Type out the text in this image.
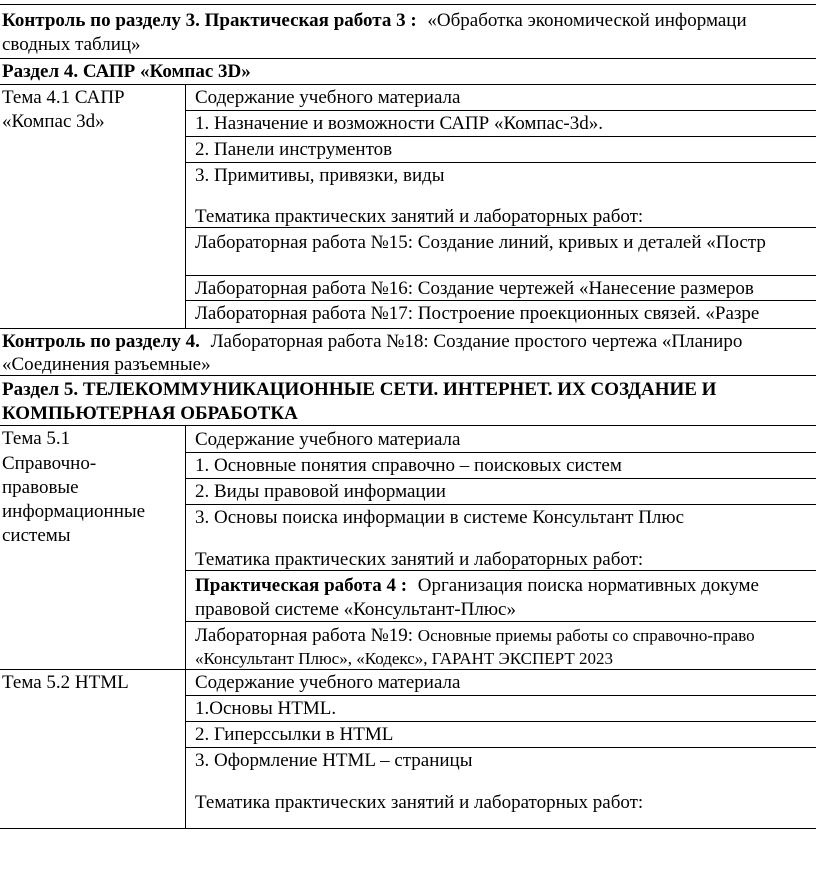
Контроль по разделу 3. Практическая работа 3 : «Обработка экономической информаци
сводных таблиц»
Раздел 4. САПР «Компас 3D»
Тема 4.1 САПР
«Компас 3d»
Содержание учебного материала
1. Назначение и возможности САПР «Компас-3d».
2. Панели инструментов
3. Примитивы, привязки, виды
Тематика практических занятий и лабораторных работ:
Лабораторная работа №15: Создание линий, кривых и деталей «Постр
Лабораторная работа №16: Создание чертежей «Нанесение размеров
Лабораторная работа №17: Построение проекционных связей. «Разре
Контроль по разделу 4. Лабораторная работа №18: Создание простого чертежа «Планиро
«Соединения разъемные»
Раздел 5. ТЕЛЕКОММУНИКАЦИОННЫЕ СЕТИ. ИНТЕРНЕТ. ИХ СОЗДАНИЕ И
КОМПЬЮТЕРНАЯ ОБРАБОТКА
Тема 5.1
Справочно-
правовые
информационные
системы
Содержание учебного материала
1. Основные понятия справочно – поисковых систем
2. Виды правовой информации
3. Основы поиска информации в системе Консультант Плюс
Тематика практических занятий и лабораторных работ:
Практическая работа 4 : Организация поиска нормативных докуме
правовой системе «Консультант-Плюс»
Лабораторная работа №19: Основные приемы работы со справочно-право
«Консультант Плюс», «Кодекс», ГАРАНТ ЭКСПЕРТ 2023
Тема 5.2 HTML	Содержание учебного материала
1.Основы HTML.
2. Гиперссылки в HTML
3. Оформление HTML – страницы
Тематика практических занятий и лабораторных работ:
